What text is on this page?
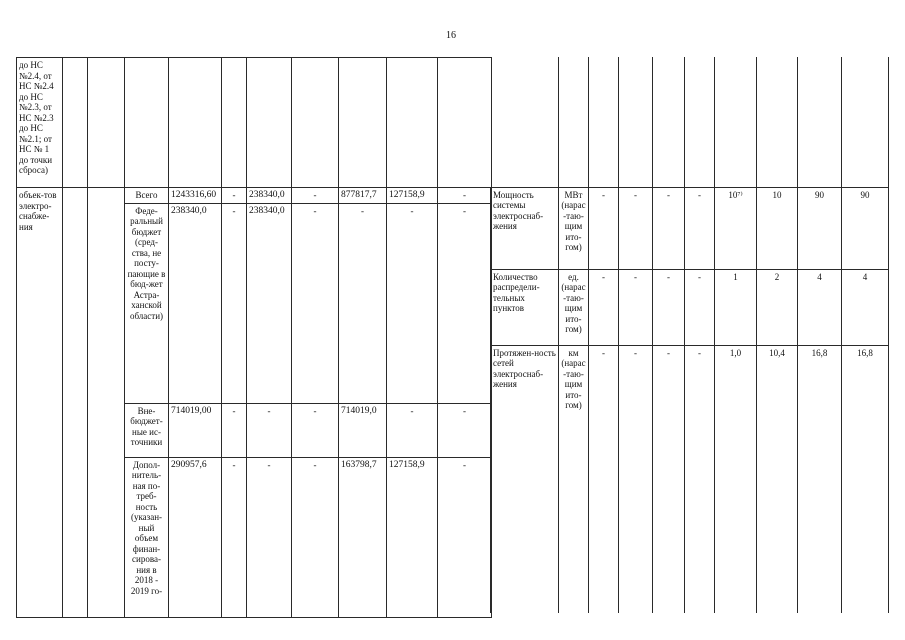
16
до НС №2.4, от НС №2.4 до НС №2.3, от НС №2.3 до НС №2.1; от НС № 1 до точки сброса)										
объек-тов электро-снабже-ния			Всего	1243316,60	-	238340,0	-	877817,7	127158,9	-
			Феде-ральный бюджет (сред-ства, не посту-пающие в бюд-жет Астра-ханской области)	238340,0	-	238340,0	-	-	-	-
			Вне-бюджет-ные ис-точники	714019,00	-	-	-	714019,0	-	-
			Допол-нитель-ная по-треб-ность (указан-ный объем финан-сирова-ния в 2018 - 2019 го-	290957,6	-	-	-	163798,7	127158,9	-

Мощность системы электроснаб-жения	МВт (нарас-таю-щим ито-гом)	-	-	-	-	10⁷⁾	10	90	90
Количество распредели-тельных пунктов	ед. (нарас-таю-щим ито-гом)	-	-	-	-	1	2	4	4
Протяжен-ность сетей электроснаб-жения	км (нарас-таю-щим ито-гом)	-	-	-	-	1,0	10,4	16,8	16,8
